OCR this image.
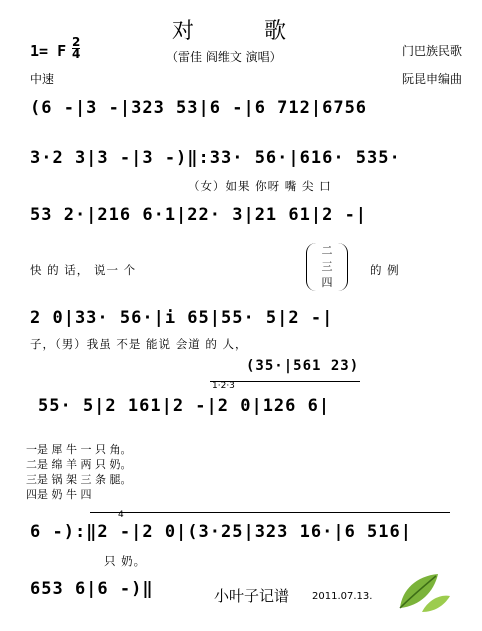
对　歌
（雷佳 阎维文 演唱）
1= F 2
4
中速
门巴族民歌
阮昆申编曲
(6 -|3 -|323 53|6 -|6 712|6756
3·2 3|3 -|3 -)‖:33· 56·|616· 535·
（女）如果 你呀 嘴 尖 口
53 2·|216 6·1|22· 3|21 61|2 -|
快 的 话， 说一 个
二
三
四
的 例
2 0|33· 56·|i 65|55· 5|2 -|
子，（男）我虽 不是 能说 会道 的 人，
(35·|561 23)
1·2·3
55· 5|2 161|2 -|2 0|126 6|
一是 犀 牛 一 只 角。
二是 绵 羊 两 只 奶。
三是 锅 架 三 条 腿。
四是 奶 牛 四
4
6 -):‖2 -|2 0|(3·25|323 16·|6 516|
只 奶。
653 6|6 -)‖	小叶子记谱 2011.07.13.
